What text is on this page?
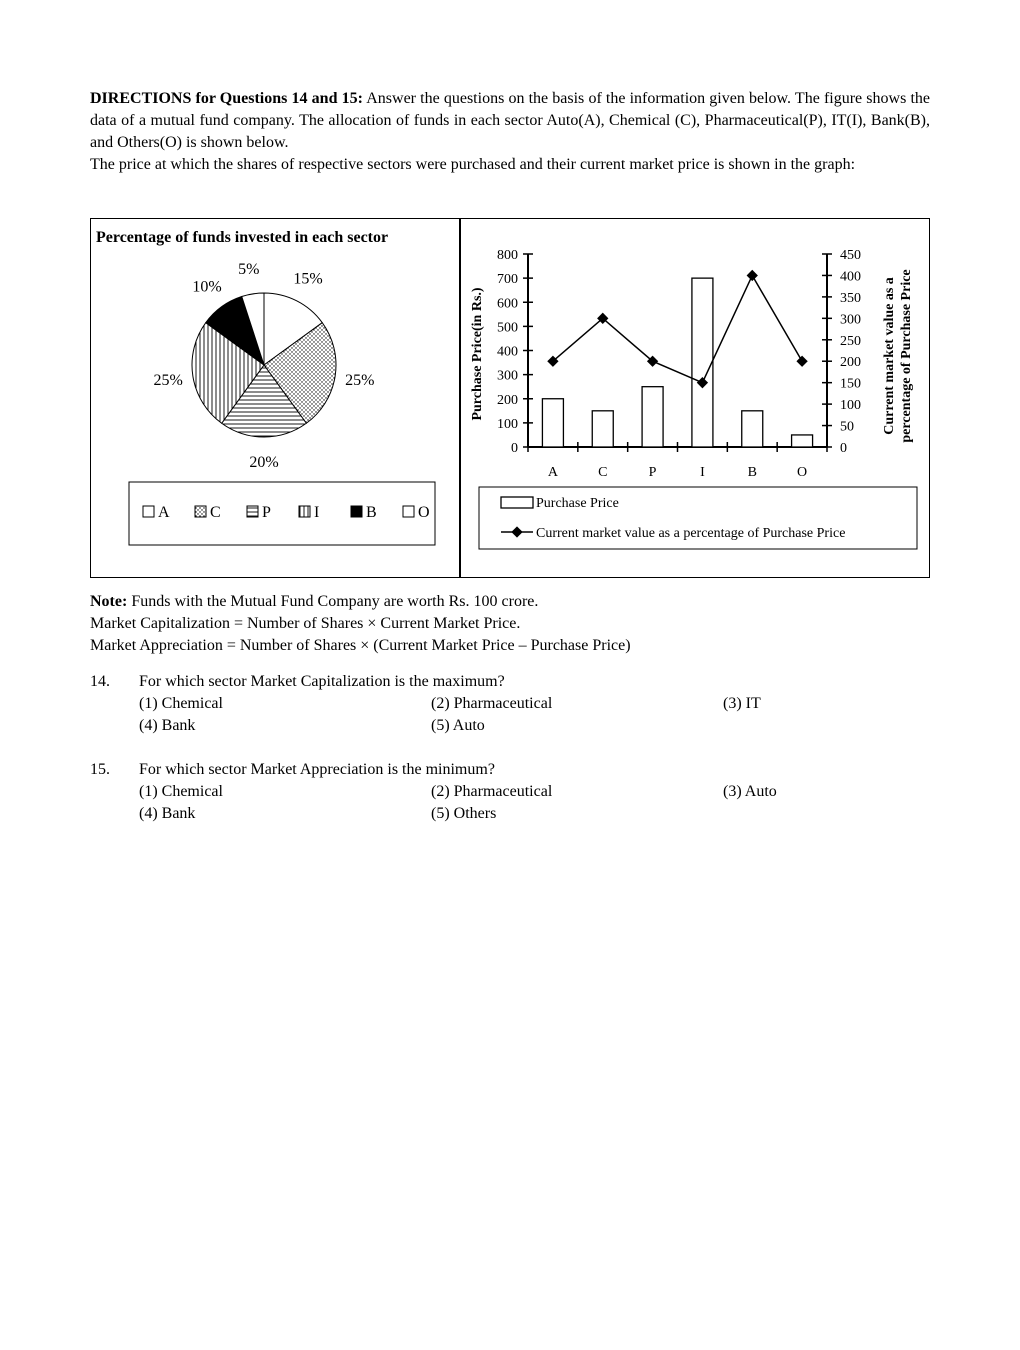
DIRECTIONS for Questions 14 and 15: Answer the questions on the basis of the information given below. The figure shows the data of a mutual fund company. The allocation of funds in each sector Auto(A), Chemical (C), Pharmaceutical(P), IT(I), Bank(B), and Others(O) is shown below.
The price at which the shares of respective sectors were purchased and their current market price is shown in the graph:
Percentage of funds invested in each sector
15%
25%
20%
25%
10%
5%
A	C	P	I	B	O
0
100
200
300
400
500
600
700
800
0
50
100
150
200
250
300
350
400
450
A	C	P	I	B	O
Purchase Price(in Rs.)	Current market value as a percentage of Purchase Price
Purchase Price
Current market value as a percentage of Purchase Price
Note: Funds with the Mutual Fund Company are worth Rs. 100 crore.
Market Capitalization = Number of Shares × Current Market Price.
Market Appreciation = Number of Shares × (Current Market Price – Purchase Price)
14. For which sector Market Capitalization is the maximum?
(1) Chemical	(2) Pharmaceutical	(3) IT
(4) Bank	(5) Auto
15. For which sector Market Appreciation is the minimum?
(1) Chemical	(2) Pharmaceutical	(3) Auto
(4) Bank	(5) Others
